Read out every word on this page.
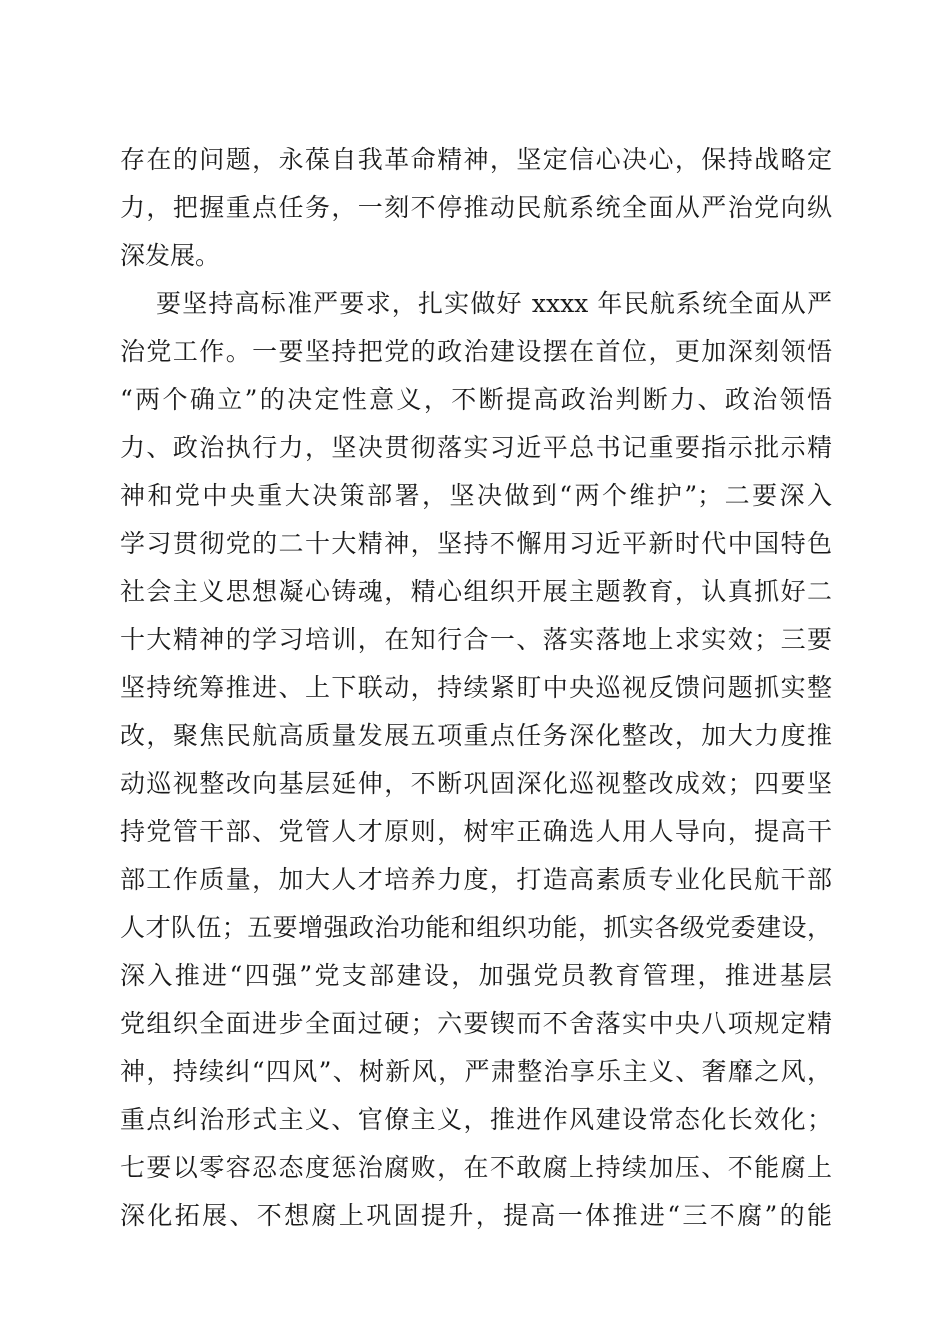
存在的问题，永葆自我革命精神，坚定信心决心，保持战略定
力，把握重点任务，一刻不停推动民航系统全面从严治党向纵
深发展。
要坚持高标准严要求，扎实做好 xxxx 年民航系统全面从严
治党工作。一要坚持把党的政治建设摆在首位，更加深刻领悟
“两个确立”的决定性意义，不断提高政治判断力、政治领悟
力、政治执行力，坚决贯彻落实习近平总书记重要指示批示精
神和党中央重大决策部署，坚决做到“两个维护”；二要深入
学习贯彻党的二十大精神，坚持不懈用习近平新时代中国特色
社会主义思想凝心铸魂，精心组织开展主题教育，认真抓好二
十大精神的学习培训，在知行合一、落实落地上求实效；三要
坚持统筹推进、上下联动，持续紧盯中央巡视反馈问题抓实整
改，聚焦民航高质量发展五项重点任务深化整改，加大力度推
动巡视整改向基层延伸，不断巩固深化巡视整改成效；四要坚
持党管干部、党管人才原则，树牢正确选人用人导向，提高干
部工作质量，加大人才培养力度，打造高素质专业化民航干部
人才队伍；五要增强政治功能和组织功能，抓实各级党委建设，
深入推进“四强”党支部建设，加强党员教育管理，推进基层
党组织全面进步全面过硬；六要锲而不舍落实中央八项规定精
神，持续纠“四风”、树新风，严肃整治享乐主义、奢靡之风，
重点纠治形式主义、官僚主义，推进作风建设常态化长效化；
七要以零容忍态度惩治腐败，在不敢腐上持续加压、不能腐上
深化拓展、不想腐上巩固提升，提高一体推进“三不腐”的能
